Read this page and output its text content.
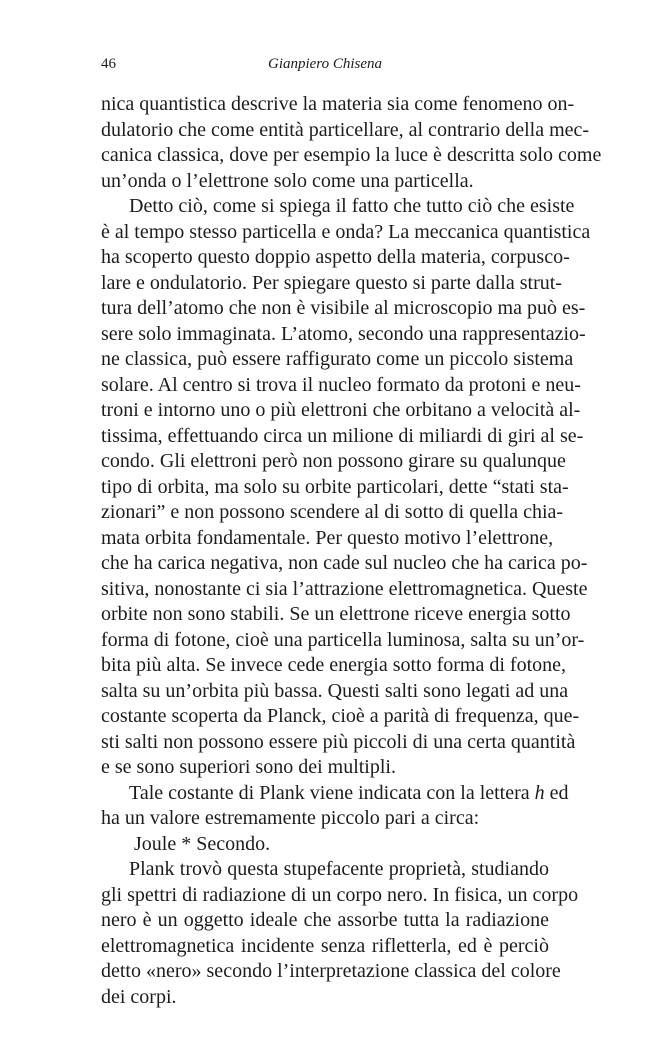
46	Gianpiero Chisena
nica quantistica descrive la materia sia come fenomeno on-
dulatorio che come entità particellare, al contrario della mec-
canica classica, dove per esempio la luce è descritta solo come
un’onda o l’elettrone solo come una particella.
Detto ciò, come si spiega il fatto che tutto ciò che esiste
è al tempo stesso particella e onda? La meccanica quantistica
ha scoperto questo doppio aspetto della materia, corpusco-
lare e ondulatorio. Per spiegare questo si parte dalla strut-
tura dell’atomo che non è visibile al microscopio ma può es-
sere solo immaginata. L’atomo, secondo una rappresentazio-
ne classica, può essere raffigurato come un piccolo sistema
solare. Al centro si trova il nucleo formato da protoni e neu-
troni e intorno uno o più elettroni che orbitano a velocità al-
tissima, effettuando circa un milione di miliardi di giri al se-
condo. Gli elettroni però non possono girare su qualunque
tipo di orbita, ma solo su orbite particolari, dette “stati sta-
zionari” e non possono scendere al di sotto di quella chia-
mata orbita fondamentale. Per questo motivo l’elettrone,
che ha carica negativa, non cade sul nucleo che ha carica po-
sitiva, nonostante ci sia l’attrazione elettromagnetica. Queste
orbite non sono stabili. Se un elettrone riceve energia sotto
forma di fotone, cioè una particella luminosa, salta su un’or-
bita più alta. Se invece cede energia sotto forma di fotone,
salta su un’orbita più bassa. Questi salti sono legati ad una
costante scoperta da Planck, cioè a parità di frequenza, que-
sti salti non possono essere più piccoli di una certa quantità
e se sono superiori sono dei multipli.
Tale costante di Plank viene indicata con la lettera h ed
ha un valore estremamente piccolo pari a circa:
Joule * Secondo.
Plank trovò questa stupefacente proprietà, studiando
gli spettri di radiazione di un corpo nero. In fisica, un corpo
nero è un oggetto ideale che assorbe tutta la radiazione
elettromagnetica incidente senza rifletterla, ed è perciò
detto «nero» secondo l’interpretazione classica del colore
dei corpi.
